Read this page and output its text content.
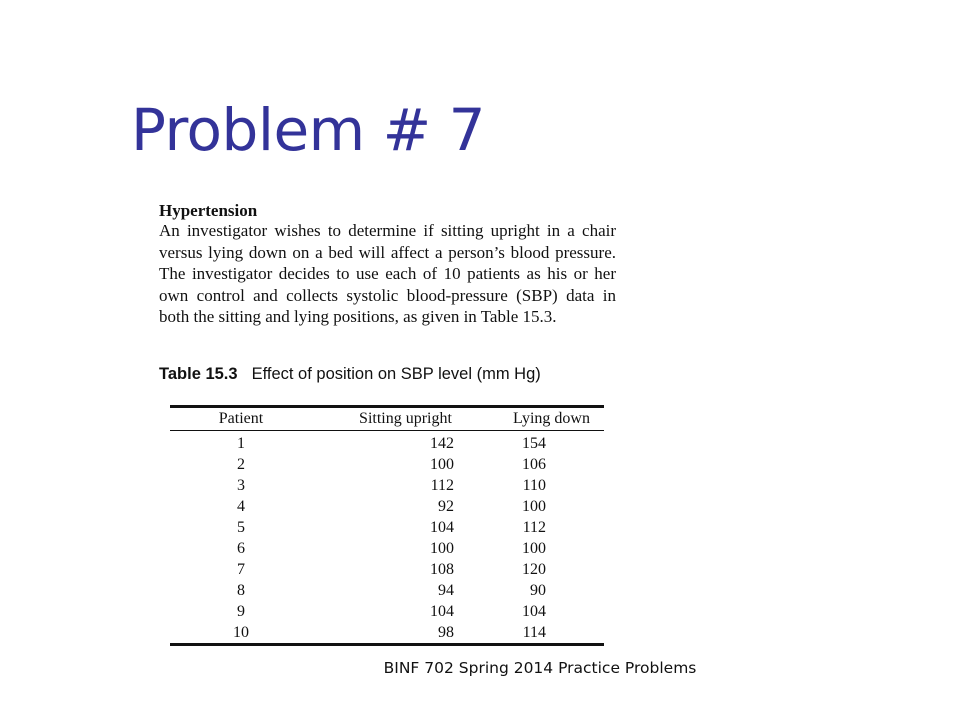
Problem # 7
Hypertension

An investigator wishes to determine if sitting upright in a chair versus lying down on a bed will affect a person’s blood pressure. The investigator decides to use each of 10 patients as his or her own control and collects systolic blood-pressure (SBP) data in both the sitting and lying positions, as given in Table 15.3.

Table 15.3 Effect of position on SBP level (mm Hg)
Patient	Sitting upright	Lying down
1	142	154
2	100	106
3	112	110
4	92	100
5	104	112
6	100	100
7	108	120
8	94	90
9	104	104
10	98	114
BINF 702 Spring 2014 Practice Problems
